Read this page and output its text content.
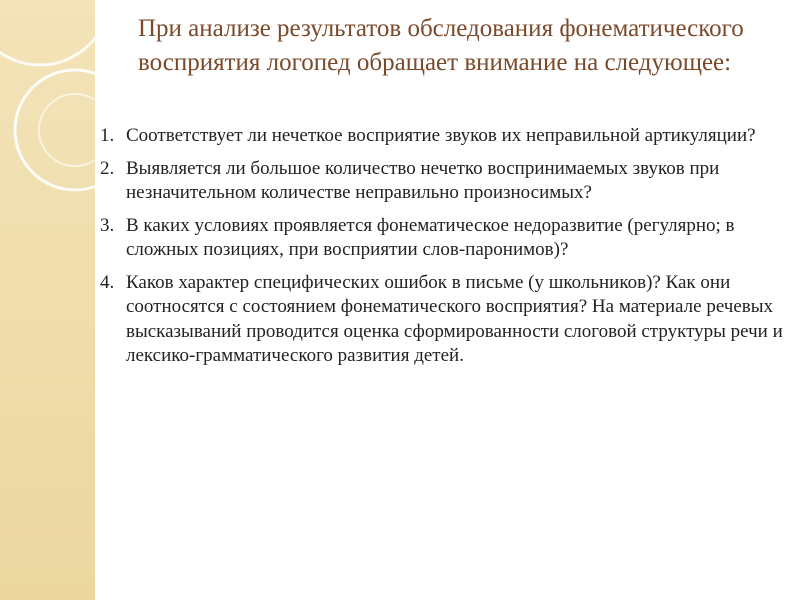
При анализе результатов обследования фонематического восприятия логопед обращает внимание на следующее:
1 . Соответствует ли нечеткое восприятие звуков их неправильной артикуляции?
2 . Выявляется ли большое количество нечетко воспринимаемых звуков при незначительном количестве неправильно произносимых?
3 . В каких условиях проявляется фонематическое недоразвитие (регулярно; в сложных позициях, при восприятии слов-паронимов)?
4 . Каков характер специфических ошибок в письме (у школьников)? Как они соотносятся с состоянием фонематического восприятия? На материале речевых высказываний проводится оценка сформированности слоговой структуры речи и лексико-грамматического развития детей.
